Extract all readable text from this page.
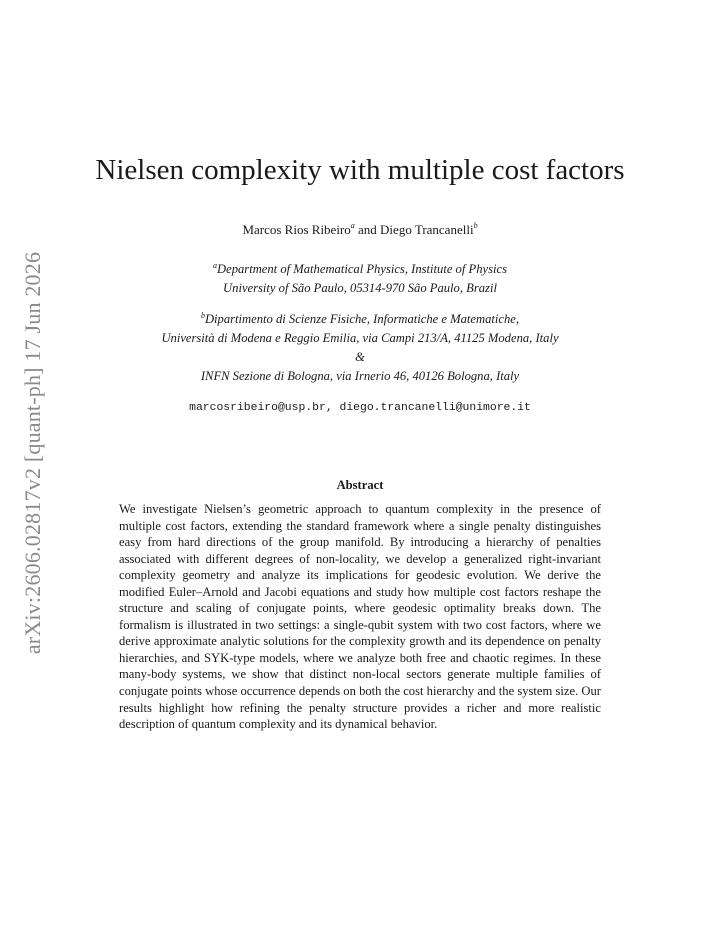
arXiv:2606.02817v2 [quant-ph] 17 Jun 2026
Nielsen complexity with multiple cost factors
Marcos Rios Ribeiro$^a$ and Diego Trancanelli$^b$
$^a$Department of Mathematical Physics, Institute of Physics
University of São Paulo, 05314-970 São Paulo, Brazil
$^b$Dipartimento di Scienze Fisiche, Informatiche e Matematiche,
Università di Modena e Reggio Emilia, via Campi 213/A, 41125 Modena, Italy
&
INFN Sezione di Bologna, via Irnerio 46, 40126 Bologna, Italy
marcosribeiro@usp.br, diego.trancanelli@unimore.it
Abstract

We investigate Nielsen’s geometric approach to quantum complexity in the presence of multiple cost factors, extending the standard framework where a single penalty distinguishes easy from hard directions of the group manifold. By introducing a hierarchy of penalties associated with different degrees of non-locality, we develop a generalized right-invariant complexity geometry and analyze its implications for geodesic evolution. We derive the modified Euler–Arnold and Jacobi equations and study how multiple cost factors reshape the structure and scaling of conjugate points, where geodesic optimality breaks down. The formalism is illustrated in two settings: a single-qubit system with two cost factors, where we derive approximate analytic solutions for the complexity growth and its dependence on penalty hierarchies, and SYK-type models, where we analyze both free and chaotic regimes. In these many-body systems, we show that distinct non-local sectors generate multiple families of conjugate points whose occurrence depends on both the cost hierarchy and the system size. Our results highlight how refining the penalty structure provides a richer and more realistic description of quantum complexity and its dynamical behavior.
